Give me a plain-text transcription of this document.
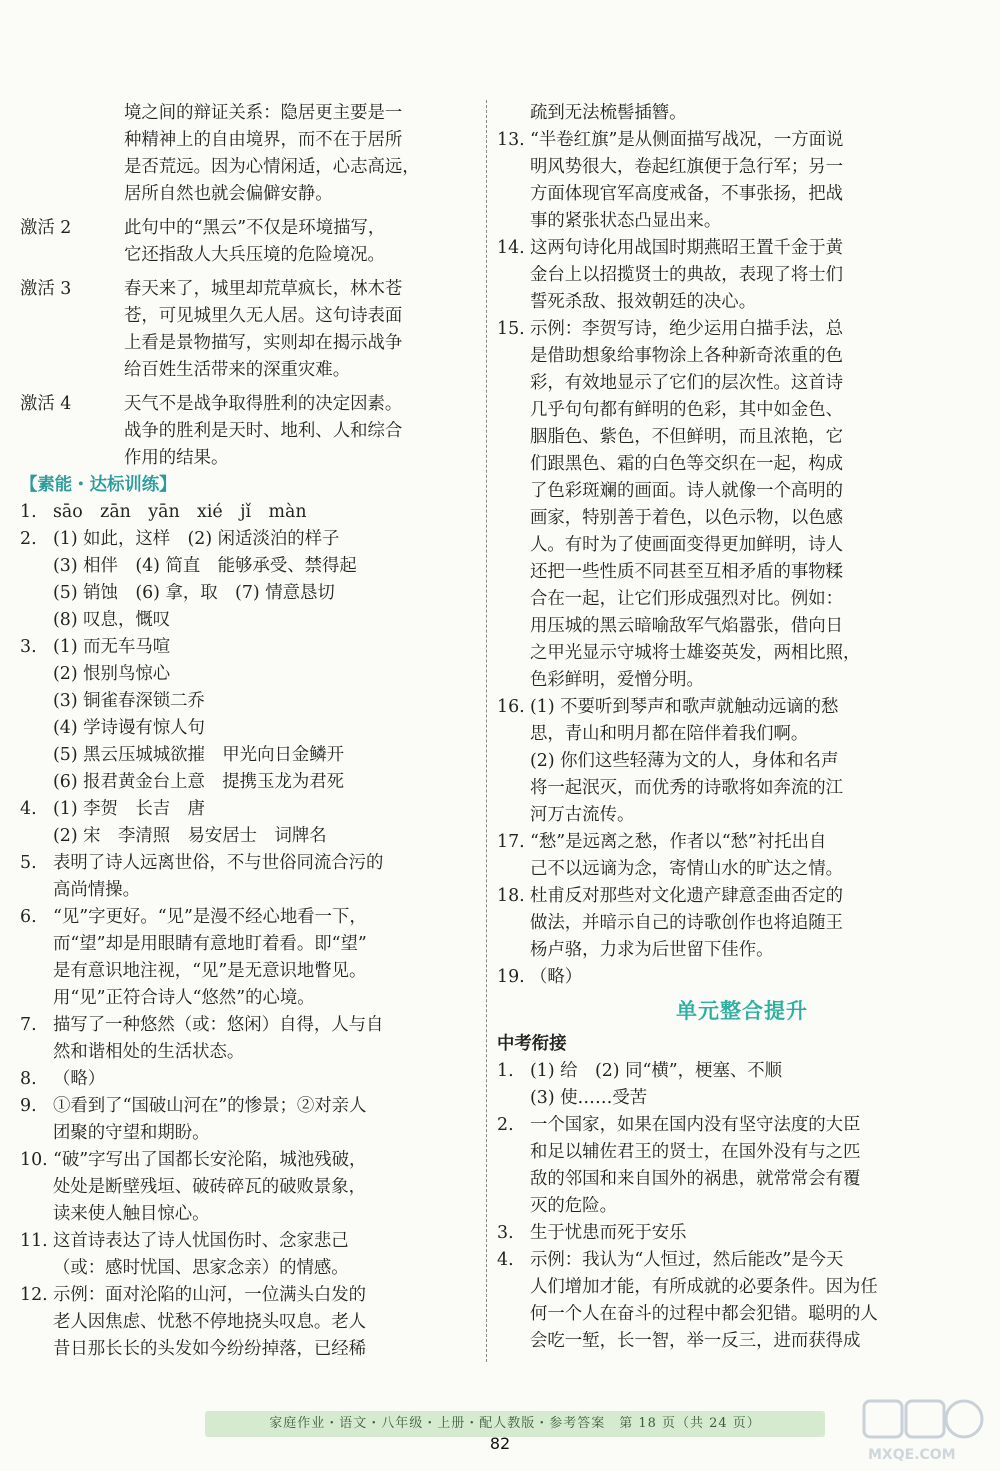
境之间的辩证关系：隐居更主要是一
种精神上的自由境界，而不在于居所
是否荒远。因为心情闲适，心志高远，
居所自然也就会偏僻安静。
激活 2	此句中的“黑云”不仅是环境描写，
它还指敌人大兵压境的危险境况。
激活 3	春天来了，城里却荒草疯长，林木苍
苍，可见城里久无人居。这句诗表面
上看是景物描写，实则却在揭示战争
给百姓生活带来的深重灾难。
激活 4	天气不是战争取得胜利的决定因素。
战争的胜利是天时、地利、人和综合
作用的结果。
【素能・达标训练】
1. sāo　zān　yān　xié　jǐ　màn
2. (1) 如此，这样　(2) 闲适淡泊的样子
(3) 相伴　(4) 简直　能够承受、禁得起
(5) 销蚀　(6) 拿，取　(7) 情意恳切
(8) 叹息，慨叹
3. (1) 而无车马喧
(2) 恨别鸟惊心
(3) 铜雀春深锁二乔
(4) 学诗谩有惊人句
(5) 黑云压城城欲摧　甲光向日金鳞开
(6) 报君黄金台上意　提携玉龙为君死
4. (1) 李贺　长吉　唐
(2) 宋　李清照　易安居士　词牌名
5. 表明了诗人远离世俗，不与世俗同流合污的
高尚情操。
6. “见”字更好。“见”是漫不经心地看一下，
而“望”却是用眼睛有意地盯着看。即“望”
是有意识地注视，“见”是无意识地瞥见。
用“见”正符合诗人“悠然”的心境。
7. 描写了一种悠然（或：悠闲）自得，人与自
然和谐相处的生活状态。
8. （略）
9. ①看到了“国破山河在”的惨景；②对亲人
团聚的守望和期盼。
10. “破”字写出了国都长安沦陷，城池残破，
处处是断壁残垣、破砖碎瓦的破败景象，
读来使人触目惊心。
11. 这首诗表达了诗人忧国伤时、念家悲己
（或：感时忧国、思家念亲）的情感。
12. 示例：面对沦陷的山河，一位满头白发的
老人因焦虑、忧愁不停地挠头叹息。老人
昔日那长长的头发如今纷纷掉落，已经稀
疏到无法梳髻插簪。
13. “半卷红旗”是从侧面描写战况，一方面说
明风势很大，卷起红旗便于急行军；另一
方面体现官军高度戒备，不事张扬，把战
事的紧张状态凸显出来。
14. 这两句诗化用战国时期燕昭王置千金于黄
金台上以招揽贤士的典故，表现了将士们
誓死杀敌、报效朝廷的决心。
15. 示例：李贺写诗，绝少运用白描手法，总
是借助想象给事物涂上各种新奇浓重的色
彩，有效地显示了它们的层次性。这首诗
几乎句句都有鲜明的色彩，其中如金色、
胭脂色、紫色，不但鲜明，而且浓艳，它
们跟黑色、霜的白色等交织在一起，构成
了色彩斑斓的画面。诗人就像一个高明的
画家，特别善于着色，以色示物，以色感
人。有时为了使画面变得更加鲜明，诗人
还把一些性质不同甚至互相矛盾的事物糅
合在一起，让它们形成强烈对比。例如：
用压城的黑云暗喻敌军气焰嚣张，借向日
之甲光显示守城将士雄姿英发，两相比照，
色彩鲜明，爱憎分明。
16. (1) 不要听到琴声和歌声就触动远谪的愁
思，青山和明月都在陪伴着我们啊。
(2) 你们这些轻薄为文的人，身体和名声
将一起泯灭，而优秀的诗歌将如奔流的江
河万古流传。
17. “愁”是远离之愁，作者以“愁”衬托出自
己不以远谪为念，寄情山水的旷达之情。
18. 杜甫反对那些对文化遗产肆意歪曲否定的
做法，并暗示自己的诗歌创作也将追随王
杨卢骆，力求为后世留下佳作。
19. （略）
单元整合提升
中考衔接
1. (1) 给　(2) 同“横”，梗塞、不顺
(3) 使……受苦
2. 一个国家，如果在国内没有坚守法度的大臣
和足以辅佐君王的贤士，在国外没有与之匹
敌的邻国和来自国外的祸患，就常常会有覆
灭的危险。
3. 生于忧患而死于安乐
4. 示例：我认为“人恒过，然后能改”是今天
人们增加才能，有所成就的必要条件。因为任
何一个人在奋斗的过程中都会犯错。聪明的人
会吃一堑，长一智，举一反三，进而获得成
家庭作业・语文・八年级・上册・配人教版・参考答案　第 18 页（共 24 页）
82
MXQE.COM
